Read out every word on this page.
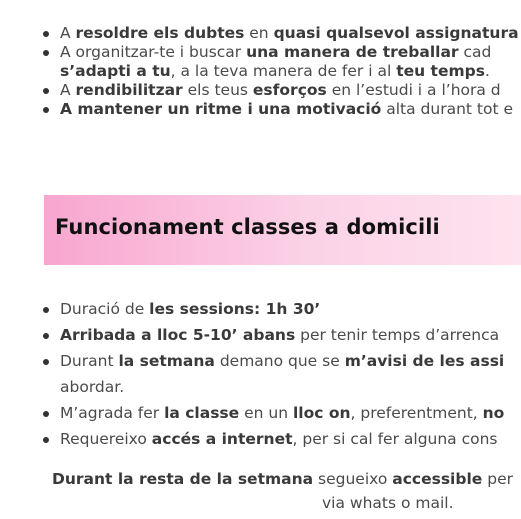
A resoldre els dubtes en quasi qualsevol assignatura
A organitzar-te i buscar una manera de treballar cad
s’adapti a tu, a la teva manera de fer i al teu temps.
A rendibilitzar els teus esforços en l’estudi i a l’hora d
A mantener un ritme i una motivació alta durant tot e
Funcionament classes a domicili
Duració de les sessions: 1h 30’
Arribada a lloc 5-10’ abans per tenir temps d’arrenca
Durant la setmana demano que se m’avisi de les assi
abordar.
M’agrada fer la classe en un lloc on, preferentment, no
Requereixo accés a internet, per si cal fer alguna cons
Durant la resta de la setmana segueixo accessible per
via whats o mail.
